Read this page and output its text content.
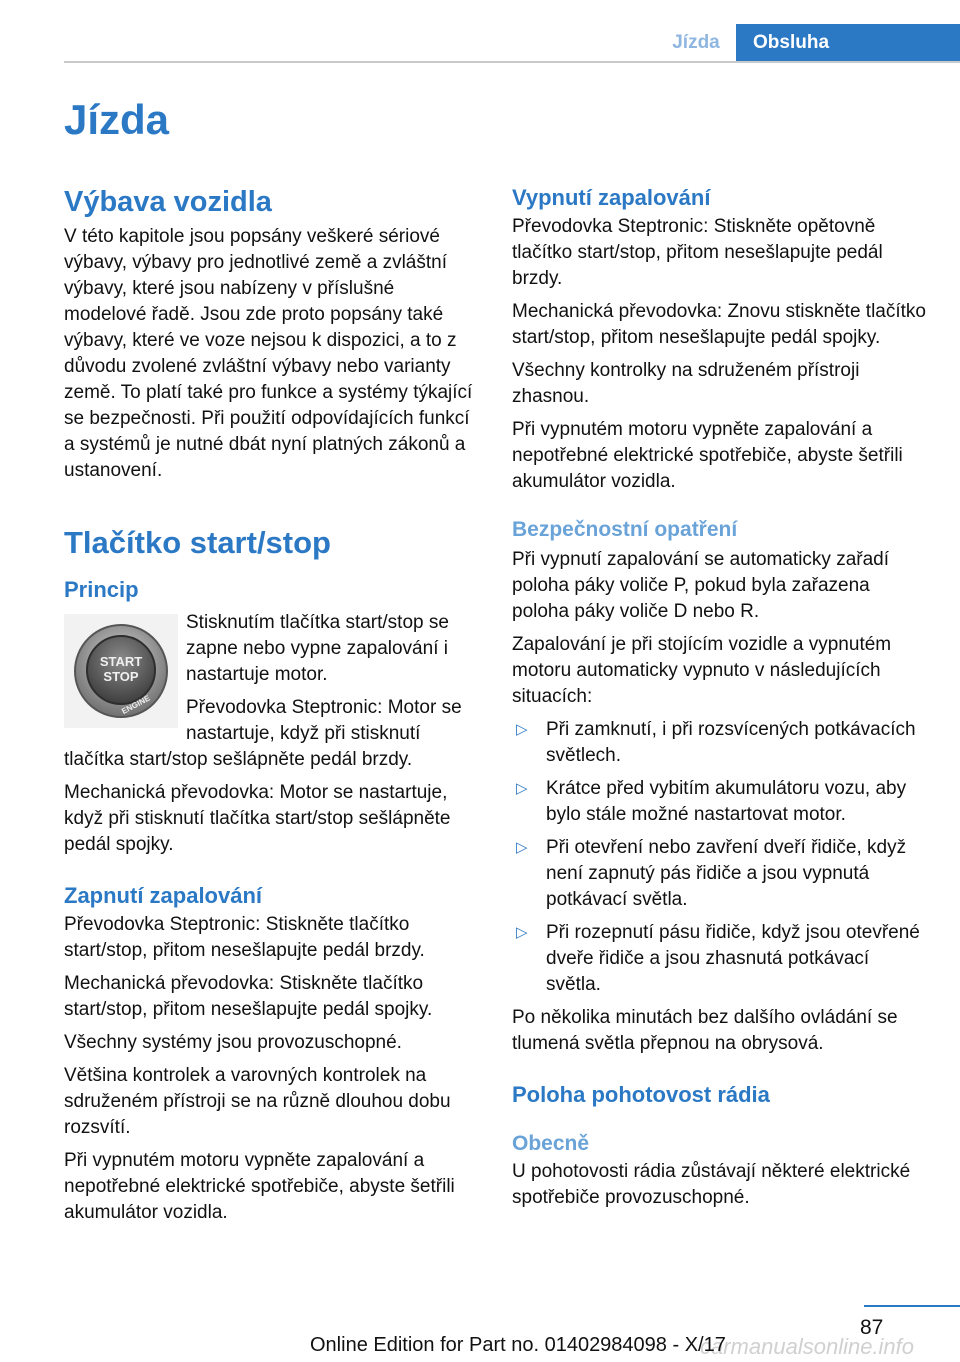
Jízda	Obsluha
Jízda
Výbava vozidla

V této kapitole jsou popsány veškeré sériové výbavy, výbavy pro jednotlivé země a zvláštní výbavy, které jsou nabízeny v příslušné modelové řadě. Jsou zde proto popsány také výbavy, které ve voze nejsou k dispozici, a to z důvodu zvolené zvláštní výbavy nebo varianty země. To platí také pro funkce a systémy týkající se bezpečnosti. Při použití odpovídajících funkcí a systémů je nutné dbát nyní platných zákonů a ustanovení.

Tlačítko start/stop
Princip
START
STOP
ENGINE

Stisknutím tlačítka start/stop se zapne nebo vypne zapalování i nastartuje motor.

Převodovka Steptronic: Motor se nastartuje, když při stisknutí tlačítka start/stop sešlápněte pedál brzdy.

Mechanická převodovka: Motor se nastartuje, když při stisknutí tlačítka start/stop sešlápněte pedál spojky.

Zapnutí zapalování

Převodovka Steptronic: Stiskněte tlačítko start/stop, přitom nesešlapujte pedál brzdy.

Mechanická převodovka: Stiskněte tlačítko start/stop, přitom nesešlapujte pedál spojky.

Všechny systémy jsou provozuschopné.

Většina kontrolek a varovných kontrolek na sdruženém přístroji se na různě dlouhou dobu rozsvítí.

Při vypnutém motoru vypněte zapalování a nepotřebné elektrické spotřebiče, abyste šetřili akumulátor vozidla.

Vypnutí zapalování

Převodovka Steptronic: Stiskněte opětovně tlačítko start/stop, přitom nesešlapujte pedál brzdy.

Mechanická převodovka: Znovu stiskněte tlačítko start/stop, přitom nesešlapujte pedál spojky.

Všechny kontrolky na sdruženém přístroji zhasnou.

Při vypnutém motoru vypněte zapalování a nepotřebné elektrické spotřebiče, abyste šetřili akumulátor vozidla.

Bezpečnostní opatření

Při vypnutí zapalování se automaticky zařadí poloha páky voliče P, pokud byla zařazena poloha páky voliče D nebo R.

Zapalování je při stojícím vozidle a vypnutém motoru automaticky vypnuto v následujících situacích:

▷ Při zamknutí, i při rozsvícených potkávacích světlech.
▷ Krátce před vybitím akumulátoru vozu, aby bylo stále možné nastartovat motor.
▷ Při otevření nebo zavření dveří řidiče, když není zapnutý pás řidiče a jsou vypnutá potkávací světla.
▷ Při rozepnutí pásu řidiče, když jsou otevřené dveře řidiče a jsou zhasnutá potkávací světla.

Po několika minutách bez dalšího ovládání se tlumená světla přepnou na obrysová.

Poloha pohotovost rádia
Obecně

U pohotovosti rádia zůstávají některé elektrické spotřebiče provozuschopné.

87
carmanualsonline.info
Online Edition for Part no. 01402984098 - X/17
